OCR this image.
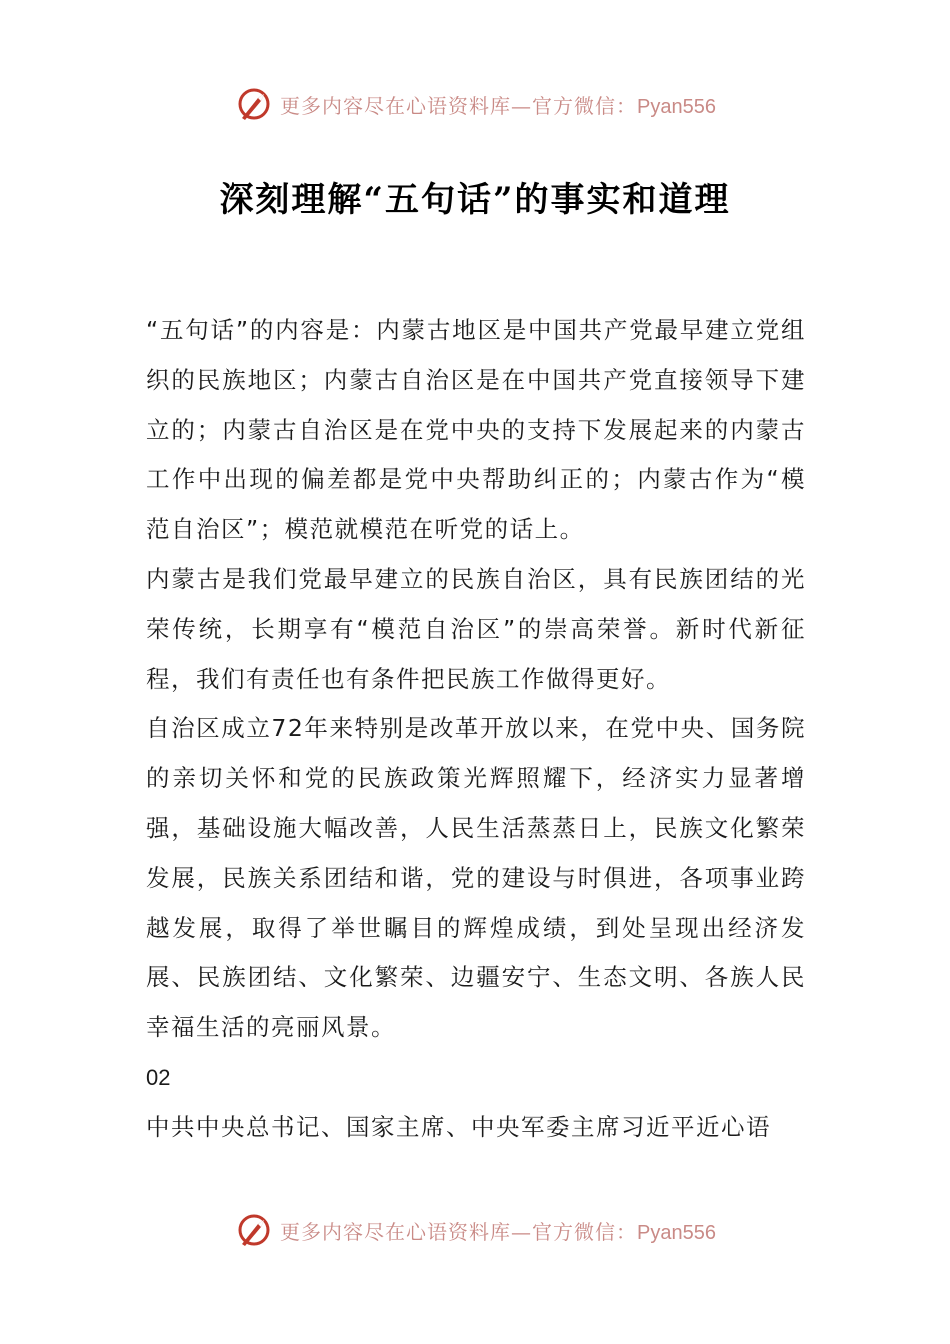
更多内容尽在心语资料库—官方微信：Pyan556
深刻理解“五句话”的事实和道理

“五句话”的内容是：内蒙古地区是中国共产党最早建立党组织的民族地区；内蒙古自治区是在中国共产党直接领导下建立的；内蒙古自治区是在党中央的支持下发展起来的内蒙古工作中出现的偏差都是党中央帮助纠正的；内蒙古作为“模范自治区”；模范就模范在听党的话上。

内蒙古是我们党最早建立的民族自治区，具有民族团结的光荣传统，长期享有“模范自治区”的崇高荣誉。新时代新征程，我们有责任也有条件把民族工作做得更好。

自治区成立72年来特别是改革开放以来，在党中央、国务院的亲切关怀和党的民族政策光辉照耀下，经济实力显著增强，基础设施大幅改善，人民生活蒸蒸日上，民族文化繁荣发展，民族关系团结和谐，党的建设与时俱进，各项事业跨越发展，取得了举世瞩目的辉煌成绩，到处呈现出经济发展、民族团结、文化繁荣、边疆安宁、生态文明、各族人民幸福生活的亮丽风景。

02

中共中央总书记、国家主席、中央军委主席习近平近心语

更多内容尽在心语资料库—官方微信：Pyan556
